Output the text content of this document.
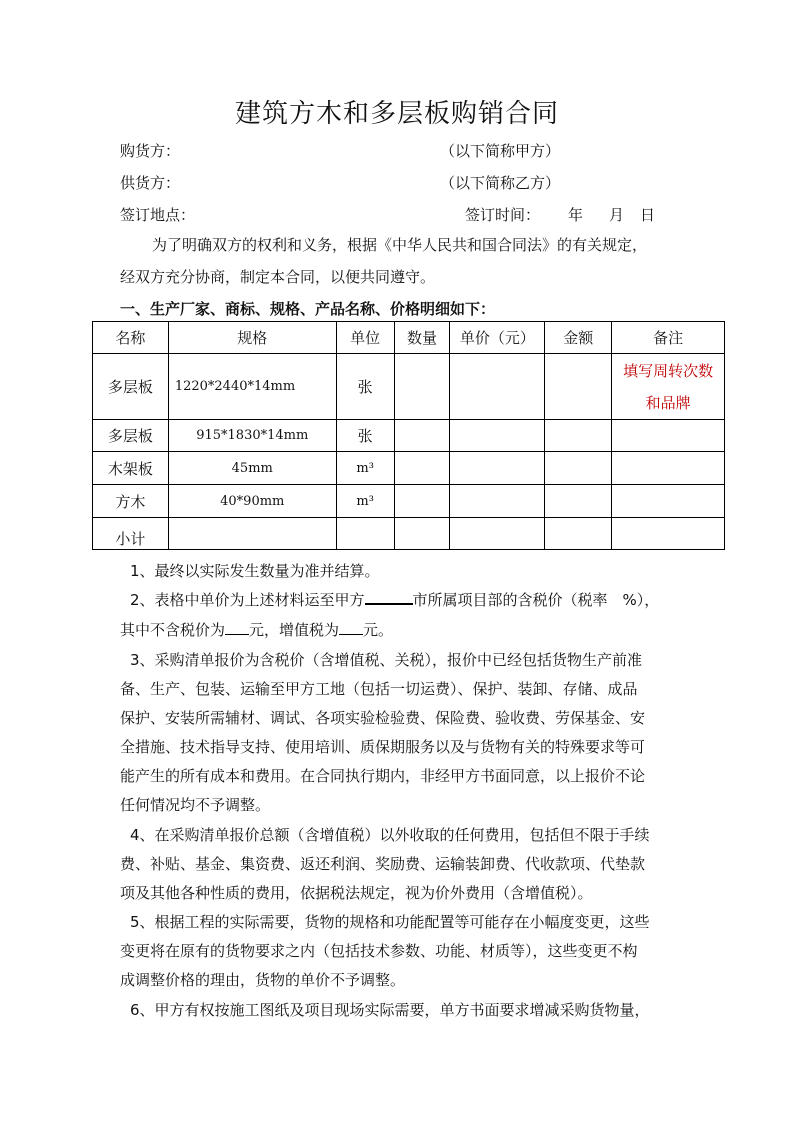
建筑方木和多层板购销合同
购货方：	（以下简称甲方）
供货方：	（以下简称乙方）
签订地点：	签订时间： 年 月 日
为了明确双方的权利和义务，根据《中华人民共和国合同法》的有关规定，
经双方充分协商，制定本合同，以便共同遵守。
一、生产厂家、商标、规格、产品名称、价格明细如下：
名称	规格	单位	数量	单价（元）	金额	备注
多层板	1220*2440*14mm	张				填写周转次数和品牌
多层板	915*1830*14mm	张				
木架板	45mm	m³				
方木	40*90mm	m³				
小计						
1、最终以实际发生数量为准并结算。
2、表格中单价为上述材料运至甲方	市所属项目部的含税价（税率　%），
其中不含税价为 元，增值税为 元。
3、采购清单报价为含税价（含增值税、关税），报价中已经包括货物生产前准
备、生产、包装、运输至甲方工地（包括一切运费）、保护、装卸、存储、成品
保护、安装所需辅材、调试、各项实验检验费、保险费、验收费、劳保基金、安
全措施、技术指导支持、使用培训、质保期服务以及与货物有关的特殊要求等可
能产生的所有成本和费用。在合同执行期内，非经甲方书面同意，以上报价不论
任何情况均不予调整。
4、在采购清单报价总额（含增值税）以外收取的任何费用，包括但不限于手续
费、补贴、基金、集资费、返还利润、奖励费、运输装卸费、代收款项、代垫款
项及其他各种性质的费用，依据税法规定，视为价外费用（含增值税）。
5、根据工程的实际需要，货物的规格和功能配置等可能存在小幅度变更，这些
变更将在原有的货物要求之内（包括技术参数、功能、材质等），这些变更不构
成调整价格的理由，货物的单价不予调整。
6、甲方有权按施工图纸及项目现场实际需要，单方书面要求增减采购货物量，
